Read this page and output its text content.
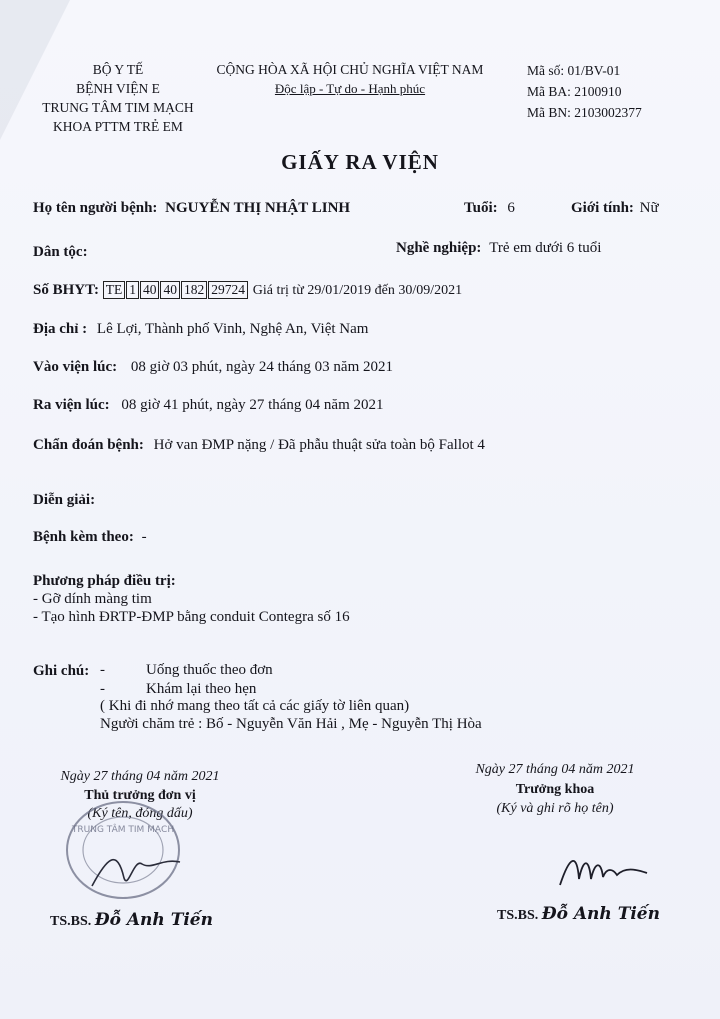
BỘ Y TẾ
BỆNH VIỆN E
TRUNG TÂM TIM MẠCH
KHOA PTTM TRẺ EM
CỘNG HÒA XÃ HỘI CHỦ NGHĨA VIỆT NAM
Độc lập - Tự do - Hạnh phúc
Mã số: 01/BV-01
Mã BA: 2100910
Mã BN: 2103002377
GIẤY RA VIỆN
Họ tên người bệnh: NGUYỄN THỊ NHẬT LINH	Tuổi: 6	Giới tính: Nữ
Dân tộc:	Nghề nghiệp: Trẻ em dưới 6 tuổi
Số BHYT: TE 1 40 40 182 29724 Giá trị từ 29/01/2019 đến 30/09/2021
Địa chỉ : Lê Lợi, Thành phố Vinh, Nghệ An, Việt Nam
Vào viện lúc: 08 giờ 03 phút, ngày 24 tháng 03 năm 2021
Ra viện lúc: 08 giờ 41 phút, ngày 27 tháng 04 năm 2021
Chẩn đoán bệnh: Hở van ĐMP nặng / Đã phẫu thuật sửa toàn bộ Fallot 4
Diễn giải:
Bệnh kèm theo: -
Phương pháp điều trị:
- Gỡ dính màng tim
- Tạo hình ĐRTP-ĐMP bằng conduit Contegra số 16
Ghi chú: -	Uống thuốc theo đơn
-	Khám lại theo hẹn
( Khi đi nhớ mang theo tất cả các giấy tờ liên quan)
Người chăm trẻ : Bố - Nguyễn Văn Hải , Mẹ - Nguyễn Thị Hòa
Ngày 27 tháng 04 năm 2021
Thủ trưởng đơn vị
(Ký tên, đóng dấu)
TRUNG TÂM TIM MẠCH
TS.BS. Đỗ Anh Tiến
Ngày 27 tháng 04 năm 2021
Trưởng khoa
(Ký và ghi rõ họ tên)
TS.BS. Đỗ Anh Tiến
